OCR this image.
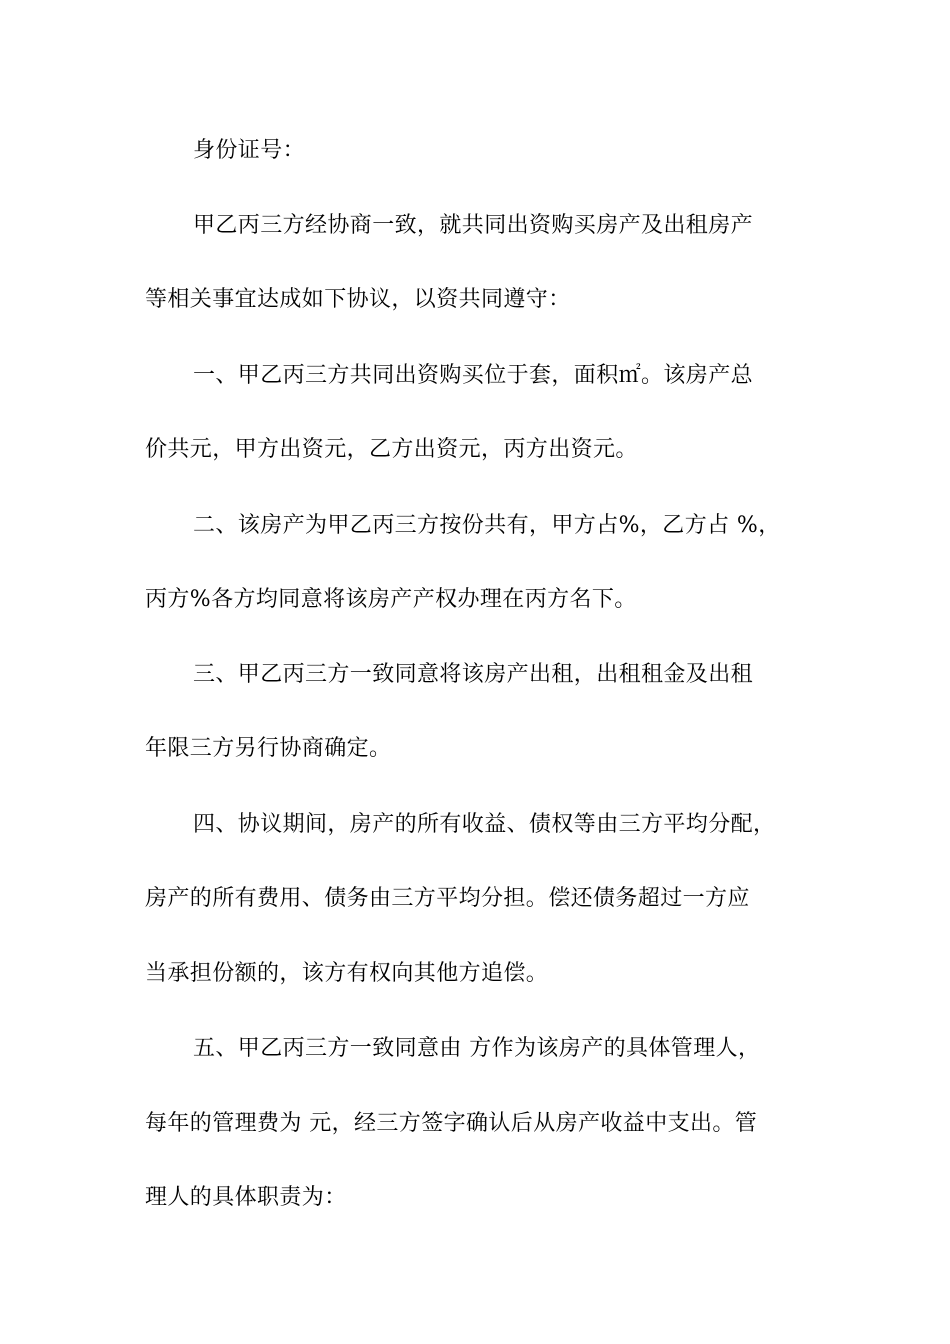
身份证号：
甲乙丙三方经协商一致，就共同出资购买房产及出租房产
等相关事宜达成如下协议，以资共同遵守：
一、甲乙丙三方共同出资购买位于套，面积㎡。该房产总
价共元，甲方出资元，乙方出资元，丙方出资元。
二、该房产为甲乙丙三方按份共有，甲方占%，乙方占 %，
丙方%各方均同意将该房产产权办理在丙方名下。
三、甲乙丙三方一致同意将该房产出租，出租租金及出租
年限三方另行协商确定。
四、协议期间，房产的所有收益、债权等由三方平均分配，
房产的所有费用、债务由三方平均分担。偿还债务超过一方应
当承担份额的，该方有权向其他方追偿。
五、甲乙丙三方一致同意由 方作为该房产的具体管理人，
每年的管理费为 元，经三方签字确认后从房产收益中支出。管
理人的具体职责为：
